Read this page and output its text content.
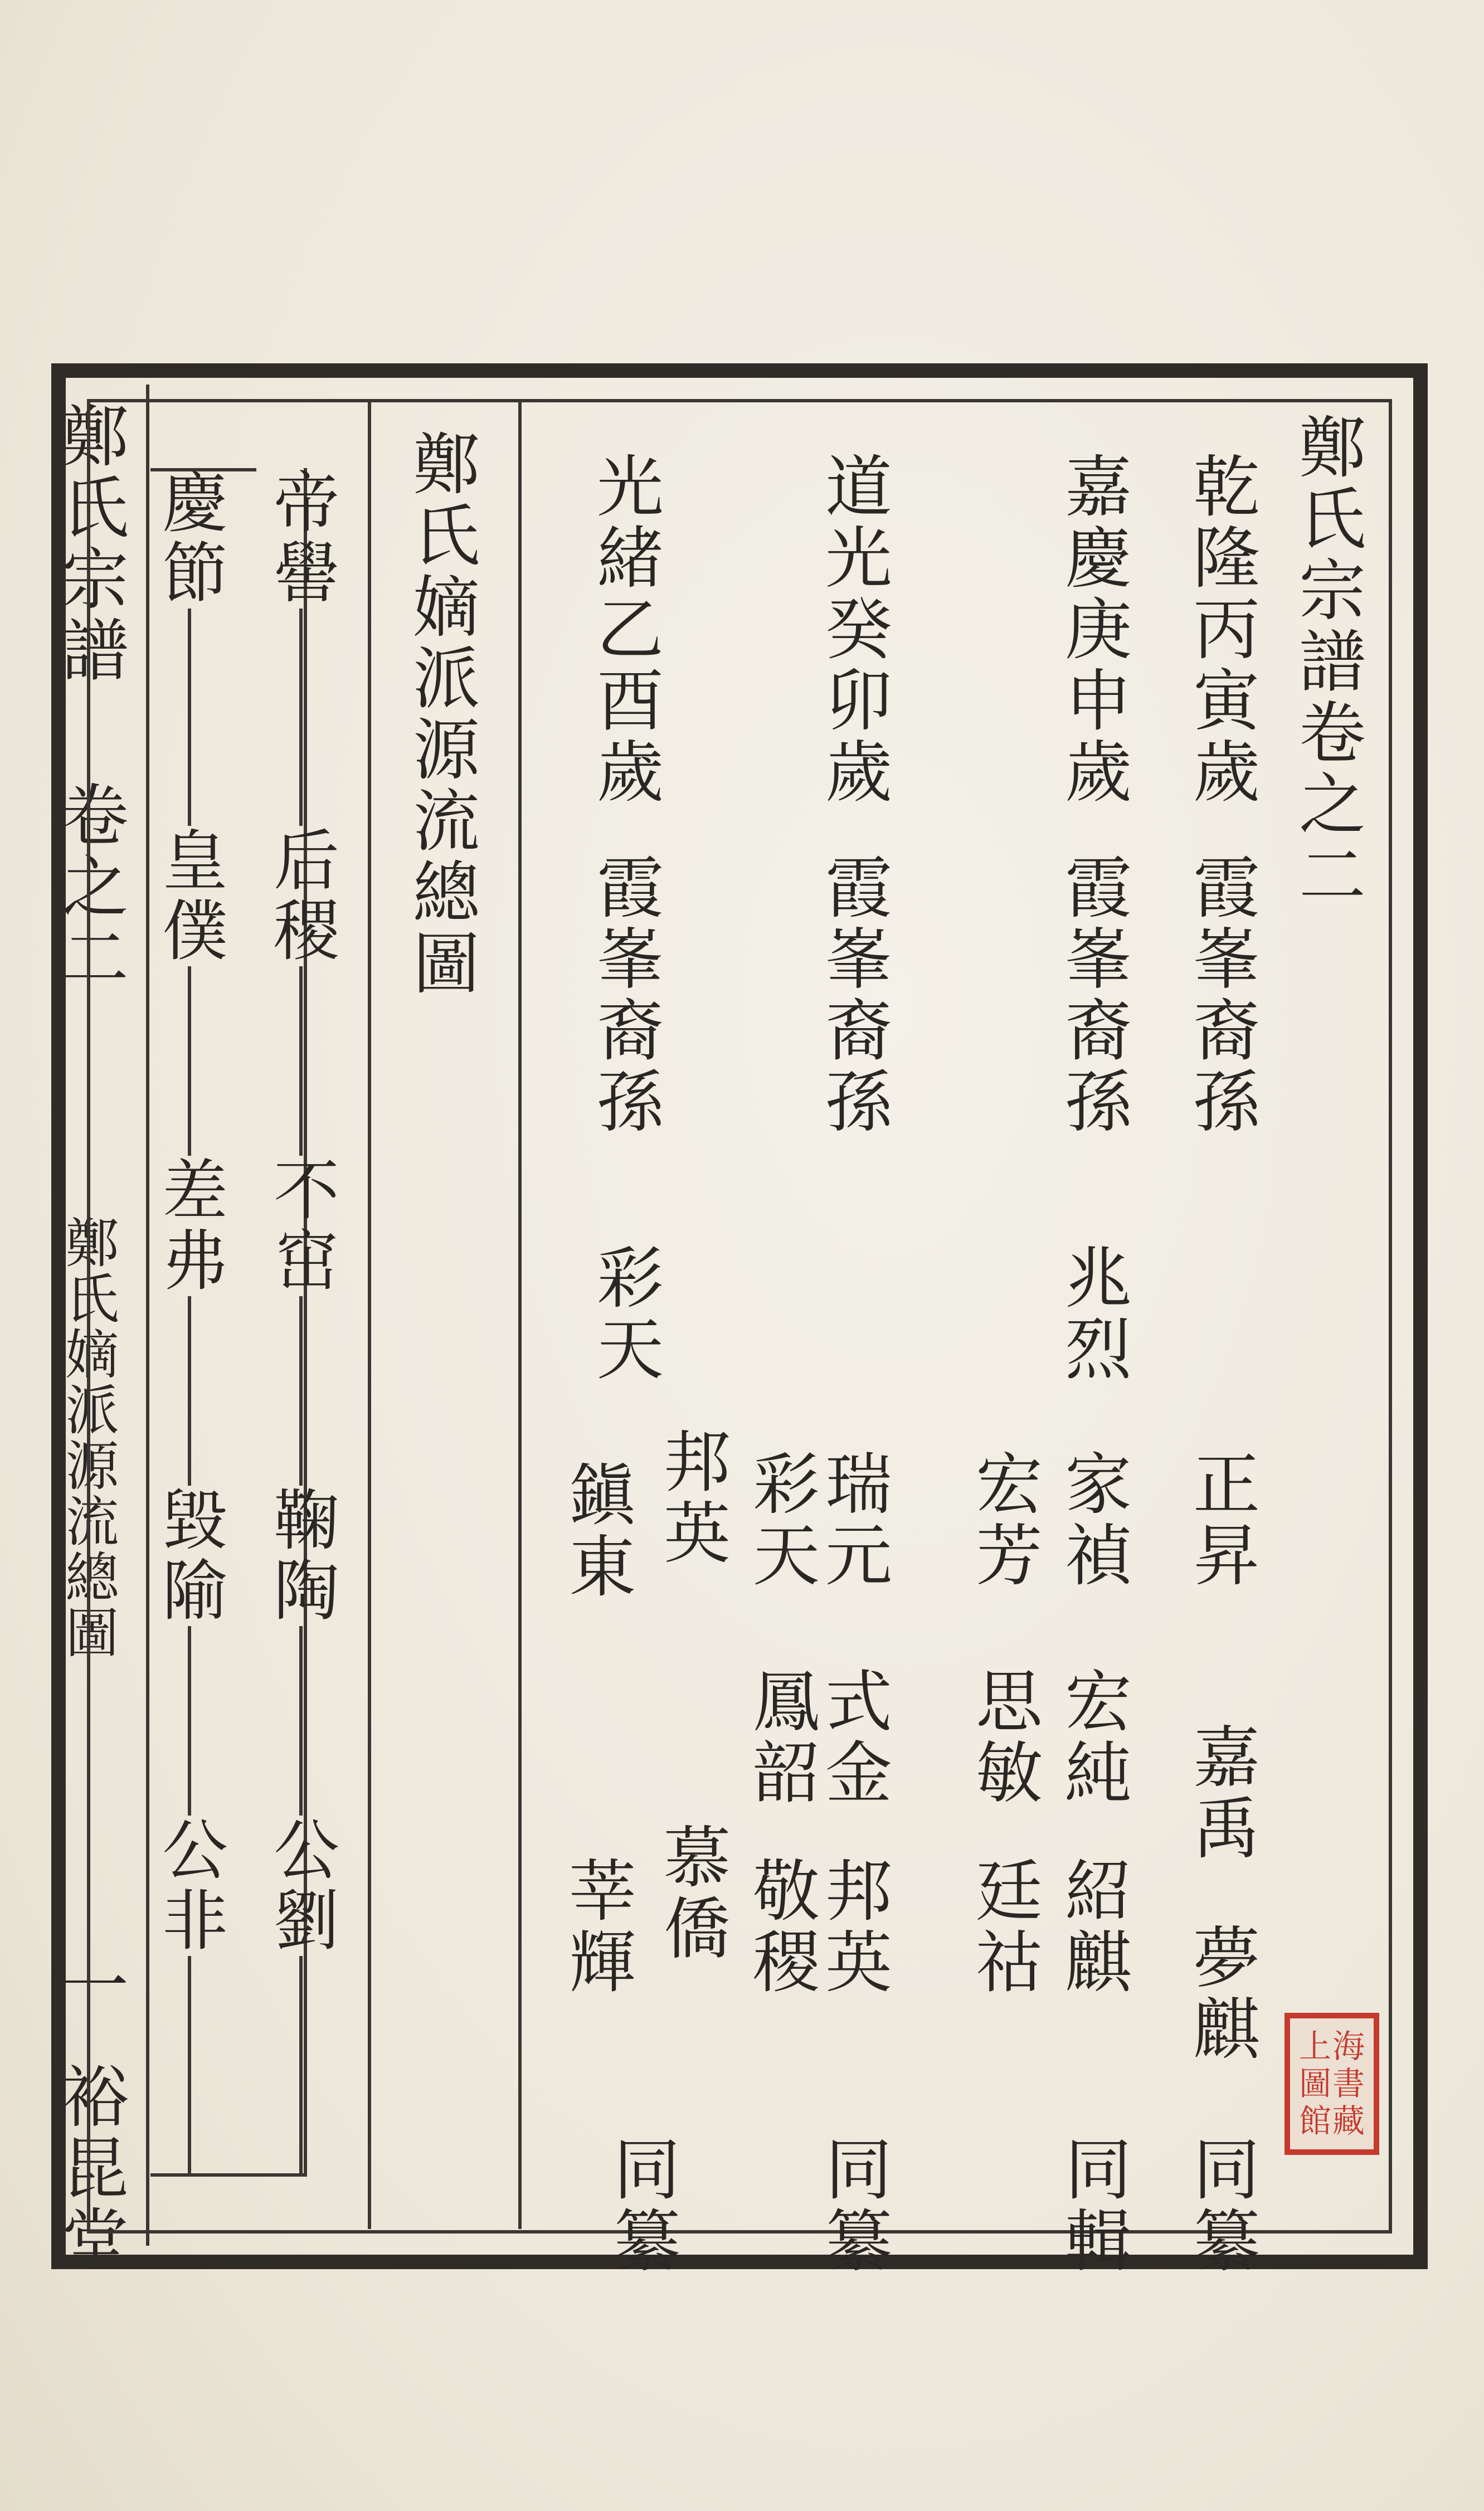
鄭氏宗譜
卷之二
鄭氏嫡派源流總圖
一
裕昆堂
鄭氏宗譜卷之二
乾隆丙寅歲
霞峯裔孫
正昇
嘉禹
夢麒
同纂
嘉慶庚申歲
霞峯裔孫
兆烈
家禎
宏純
紹麒
同輯
宏芳
思敏
廷祜
道光癸卯歲
霞峯裔孫
瑞元
式金
邦英
同纂
彩天
鳳韶
敬稷
光緒乙酉歲
霞峯裔孫
彩天
邦英
慕僑
同纂
鎭東
莘輝
鄭氏嫡派源流總圖
帝嚳
后稷
不窋
鞠陶
公劉
慶節
皇僕
差弗
毀隃
公非
上 海
圖 書
館 藏
